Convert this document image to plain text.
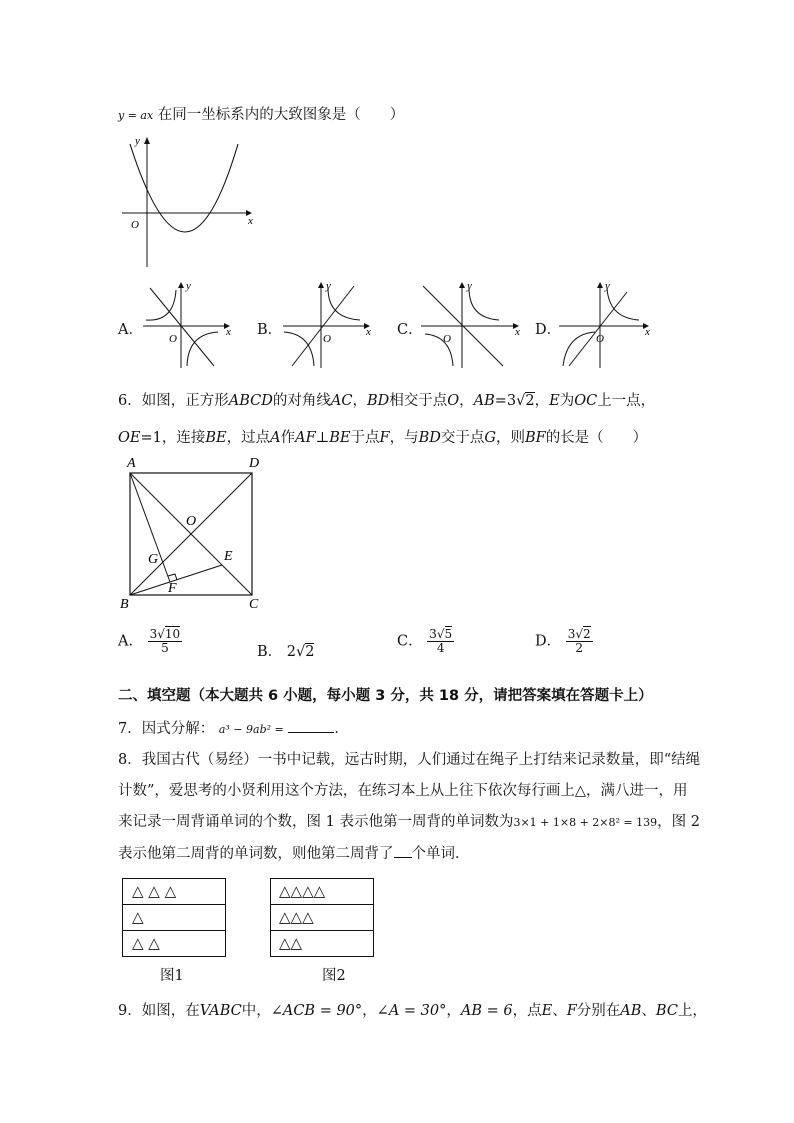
y = ax 在同一坐标系内的大致图象是（　　）
y
x
O
A．
y
x
O
B．
y
x
O
C．
y
x
O
D．
y
x
O
6．如图，正方形ABCD的对角线AC，BD相交于点O，AB=3√2，E为OC上一点，
OE=1，连接BE，过点A作AF⊥BE于点F，与BD交于点G，则BF的长是（　　）
A	D
B	C
O
E
F
G
A． $\frac{3√10}{5}$	B． 2√2
C． $\frac{3√5}{4}$	D． $\frac{3√2}{2}$
二、填空题（本大题共 6 小题，每小题 3 分，共 18 分，请把答案填在答题卡上）
7．因式分解： a³ − 9ab² =	．
8．我国古代（易经）一书中记载，远古时期，人们通过在绳子上打结来记录数量，即“结绳
计数”，爱思考的小贤利用这个方法，在练习本上从上往下依次每行画上△，满八进一，用
来记录一周背诵单词的个数，图 1 表示他第一周背的单词数为3×1 + 1×8 + 2×8² = 139，图 2
表示他第二周背的单词数，则他第二周背了 个单词．
△ △ △
△
△ △
图1
△△△△
△△△
△△
图2
9．如图，在VABC中，∠ACB = 90°，∠A = 30°，AB = 6，点E、F分别在AB、BC上，
